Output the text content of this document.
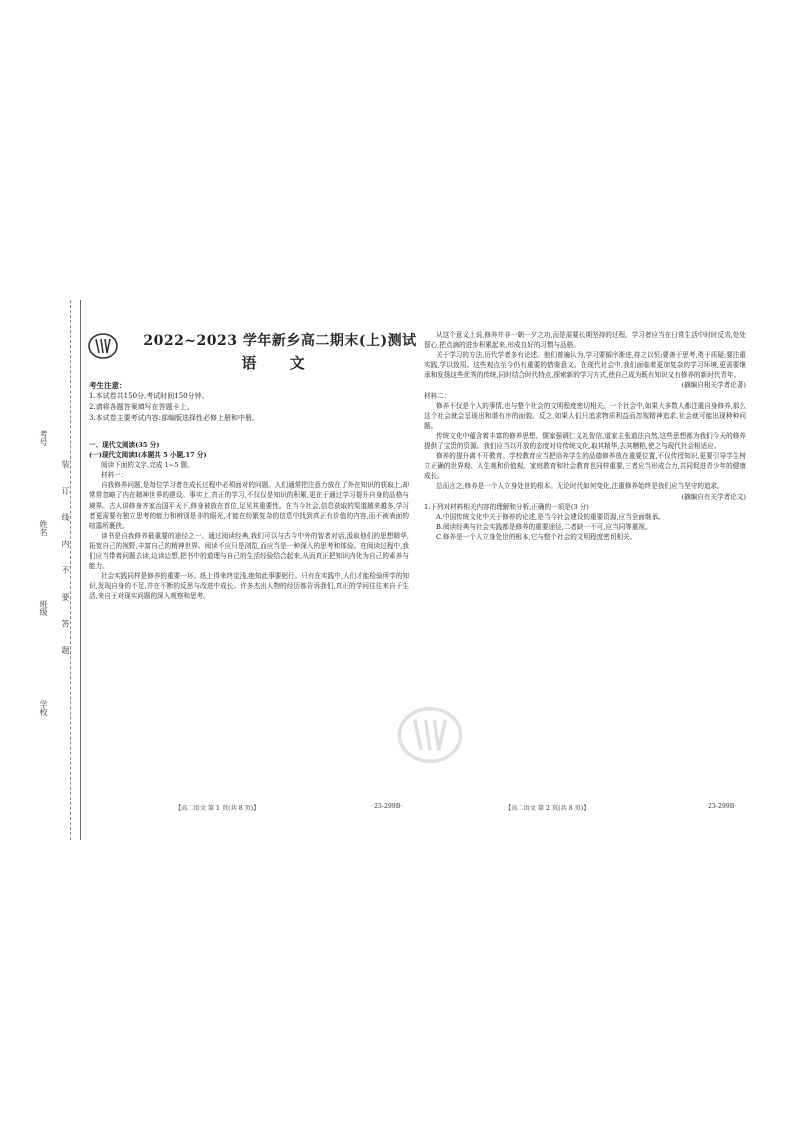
考号
姓名
班级
学校
装 订 线 内 不 要 答 题
2022~2023 学年新乡高二期末(上)测试
语 文
考生注意：
1.本试卷共150分,考试时间150分钟。
2.请将各题答案填写在答题卡上。
3.本试卷主要考试内容:部编版选择性必修上册和中册。

一、现代文阅读(35 分)

(一)现代文阅读Ⅰ(本题共 5 小题,17 分)

阅读下面的文字,完成 1~5 题。

材料一：

自我修养问题,是每位学习者在成长过程中必须面对的问题。人们通常把注意力放在了外在知识的获取上,却常常忽略了内在精神世界的建设。事实上,真正的学习,不仅仅是知识的积累,更在于通过学习提升自身的品格与境界。古人讲修身齐家治国平天下,修身被放在首位,足见其重要性。在当今社会,信息获取的渠道越来越多,学习者更需要有独立思考的能力和辨别是非的眼光,才能在纷繁复杂的信息中找到真正有价值的内容,而不被表面的喧嚣所裹挟。

读书是自我修养最重要的途径之一。通过阅读经典,我们可以与古今中外的智者对话,汲取他们的思想精华,拓宽自己的视野,丰富自己的精神世界。阅读不应只是浏览,而应当是一种深入的思考和体验。在阅读过程中,我们应当带着问题去读,边读边想,把书中的道理与自己的生活经验结合起来,从而真正把知识内化为自己的素养与能力。

社会实践同样是修养的重要一环。纸上得来终觉浅,绝知此事要躬行。只有在实践中,人们才能检验所学的知识,发现自身的不足,并在不断的反思与改进中成长。许多杰出人物的经历都告诉我们,真正的学问往往来自于生活,来自于对现实问题的深入观察和思考。

从这个意义上说,修养并非一朝一夕之功,而是需要长期坚持的过程。学习者应当在日常生活中时时反省,处处留心,把点滴的进步积累起来,形成良好的习惯与品格。

关于学习的方法,历代学者多有论述。他们普遍认为,学习要循序渐进,持之以恒;要善于思考,勇于质疑;要注重实践,学以致用。这些观点至今仍有重要的借鉴意义。在现代社会中,我们面临着更加复杂的学习环境,更需要继承和发扬这些优秀的传统,同时结合时代特点,探索新的学习方式,使自己成为既有知识又有修养的新时代青年。

(摘编自相关学者论著)

材料二：

修养不仅是个人的事情,也与整个社会的文明程度密切相关。一个社会中,如果大多数人都注重自身修养,那么这个社会就会呈现出和谐有序的面貌。反之,如果人们只追求物质利益而忽视精神追求,社会就可能出现种种问题。

传统文化中蕴含着丰富的修养思想。儒家强调仁义礼智信,道家主张道法自然,这些思想都为我们今天的修养提供了宝贵的资源。我们应当以开放的态度对待传统文化,取其精华,去其糟粕,使之与现代社会相适应。

修养的提升离不开教育。学校教育应当把培养学生的品德修养放在重要位置,不仅传授知识,更要引导学生树立正确的世界观、人生观和价值观。家庭教育和社会教育也同样重要,三者应当形成合力,共同促进青少年的健康成长。

总而言之,修养是一个人立身处世的根本。无论时代如何变化,注重修养始终是我们应当坚守的追求。

(摘编自有关学者论文)

1.下列对材料相关内容的理解和分析,正确的一项是(3 分)

A.中国传统文化中关于修养的论述,是当今社会建设的重要资源,应当全面继承。

B.阅读经典与社会实践都是修养的重要途径,二者缺一不可,应当同等重视。

C.修养是一个人立身处世的根本,它与整个社会的文明程度密切相关。

【高二语文 第 1 页(共 8 页)】	·23-299B·	【高二语文 第 2 页(共 8 页)】	·23-299B·
